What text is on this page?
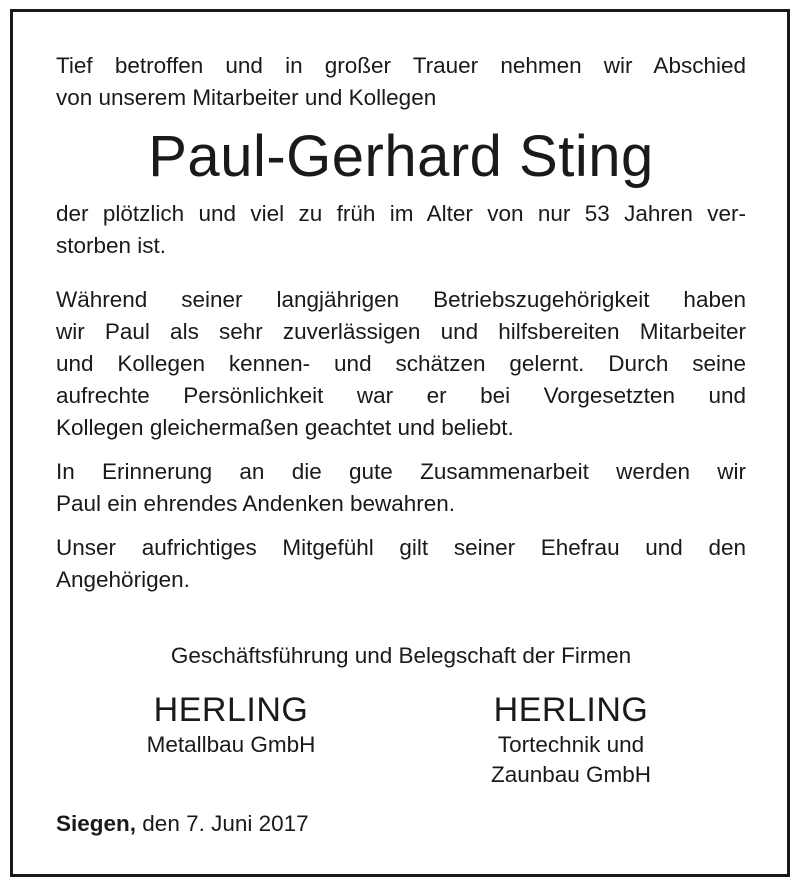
Tief betroffen und in großer Trauer nehmen wir Abschied
von unserem Mitarbeiter und Kollegen
Paul-Gerhard Sting
der plötzlich und viel zu früh im Alter von nur 53 Jahren ver-
storben ist.
Während seiner langjährigen Betriebszugehörigkeit haben
wir Paul als sehr zuverlässigen und hilfsbereiten Mitarbeiter
und Kollegen kennen- und schätzen gelernt. Durch seine
aufrechte Persönlichkeit war er bei Vorgesetzten und
Kollegen gleichermaßen geachtet und beliebt.
In Erinnerung an die gute Zusammenarbeit werden wir
Paul ein ehrendes Andenken bewahren.
Unser aufrichtiges Mitgefühl gilt seiner Ehefrau und den
Angehörigen.
Geschäftsführung und Belegschaft der Firmen
HERLING
Metallbau GmbH
HERLING
Tortechnik und
Zaunbau GmbH
Siegen, den 7. Juni 2017
